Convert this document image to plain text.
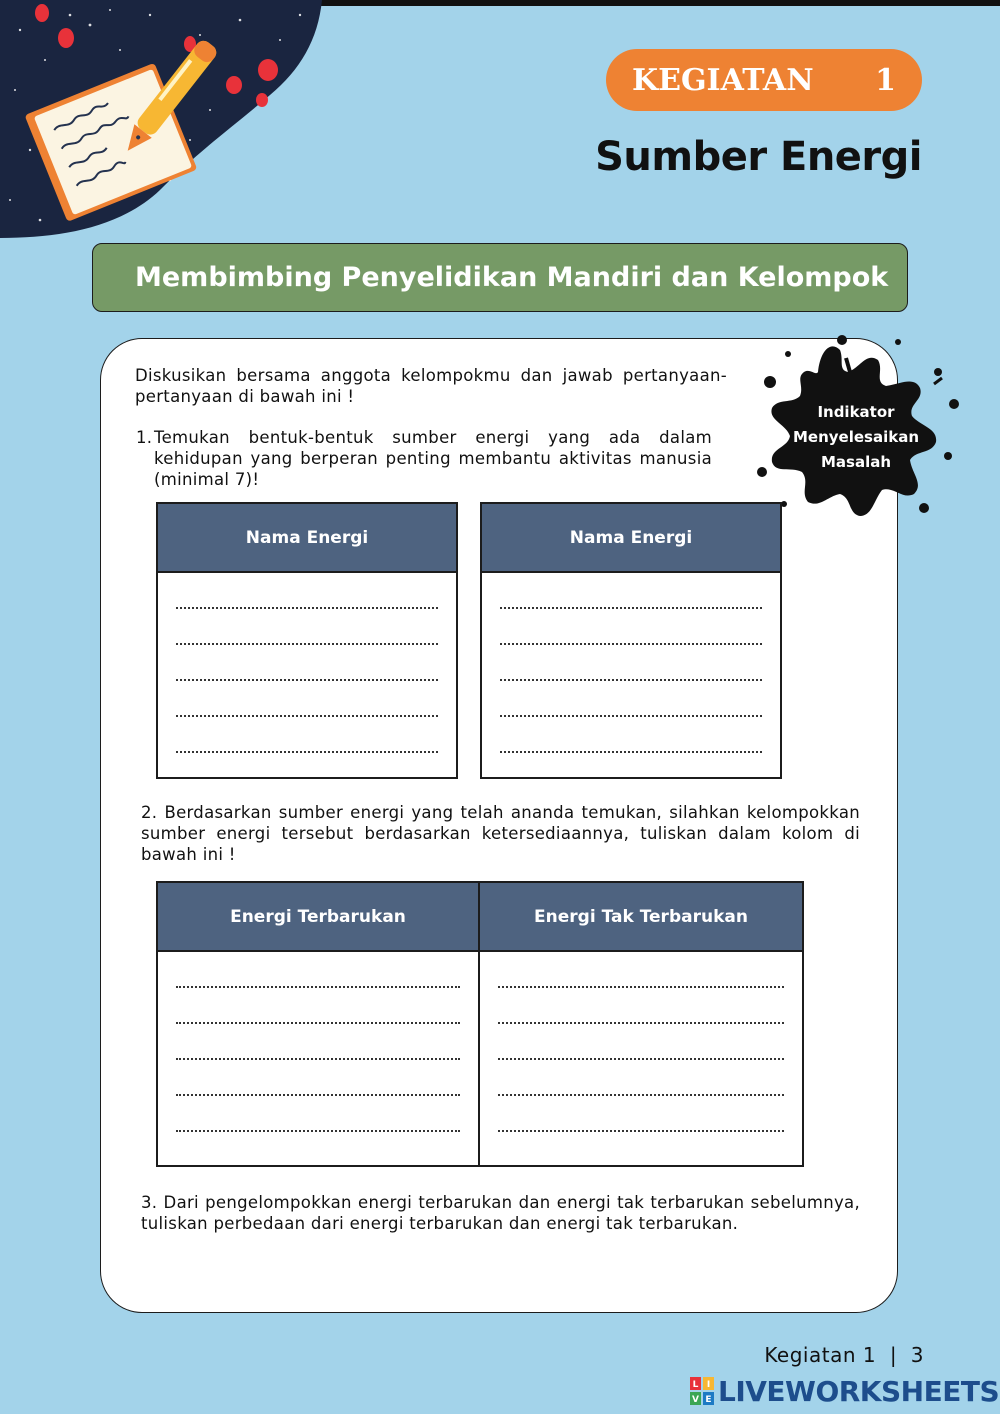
KEGIATAN 1
Sumber Energi
Membimbing Penyelidikan Mandiri dan Kelompok
Indikator
Menyelesaikan
Masalah
Diskusikan bersama anggota kelompokmu dan jawab pertanyaan-pertanyaan di bawah ini !
1. Temukan bentuk-bentuk sumber energi yang ada dalam kehidupan yang berperan penting membantu aktivitas manusia (minimal 7)!
Nama Energi	Nama Energi
2. Berdasarkan sumber energi yang telah ananda temukan, silahkan kelompokkan sumber energi tersebut berdasarkan ketersediaannya, tuliskan dalam kolom di bawah ini !
Energi Terbarukan	Energi Tak Terbarukan
3. Dari pengelompokkan energi terbarukan dan energi tak terbarukan sebelumnya, tuliskan perbedaan dari energi terbarukan dan energi tak terbarukan.
Kegiatan 1  |  3
L I
V E LIVEWORKSHEETS
